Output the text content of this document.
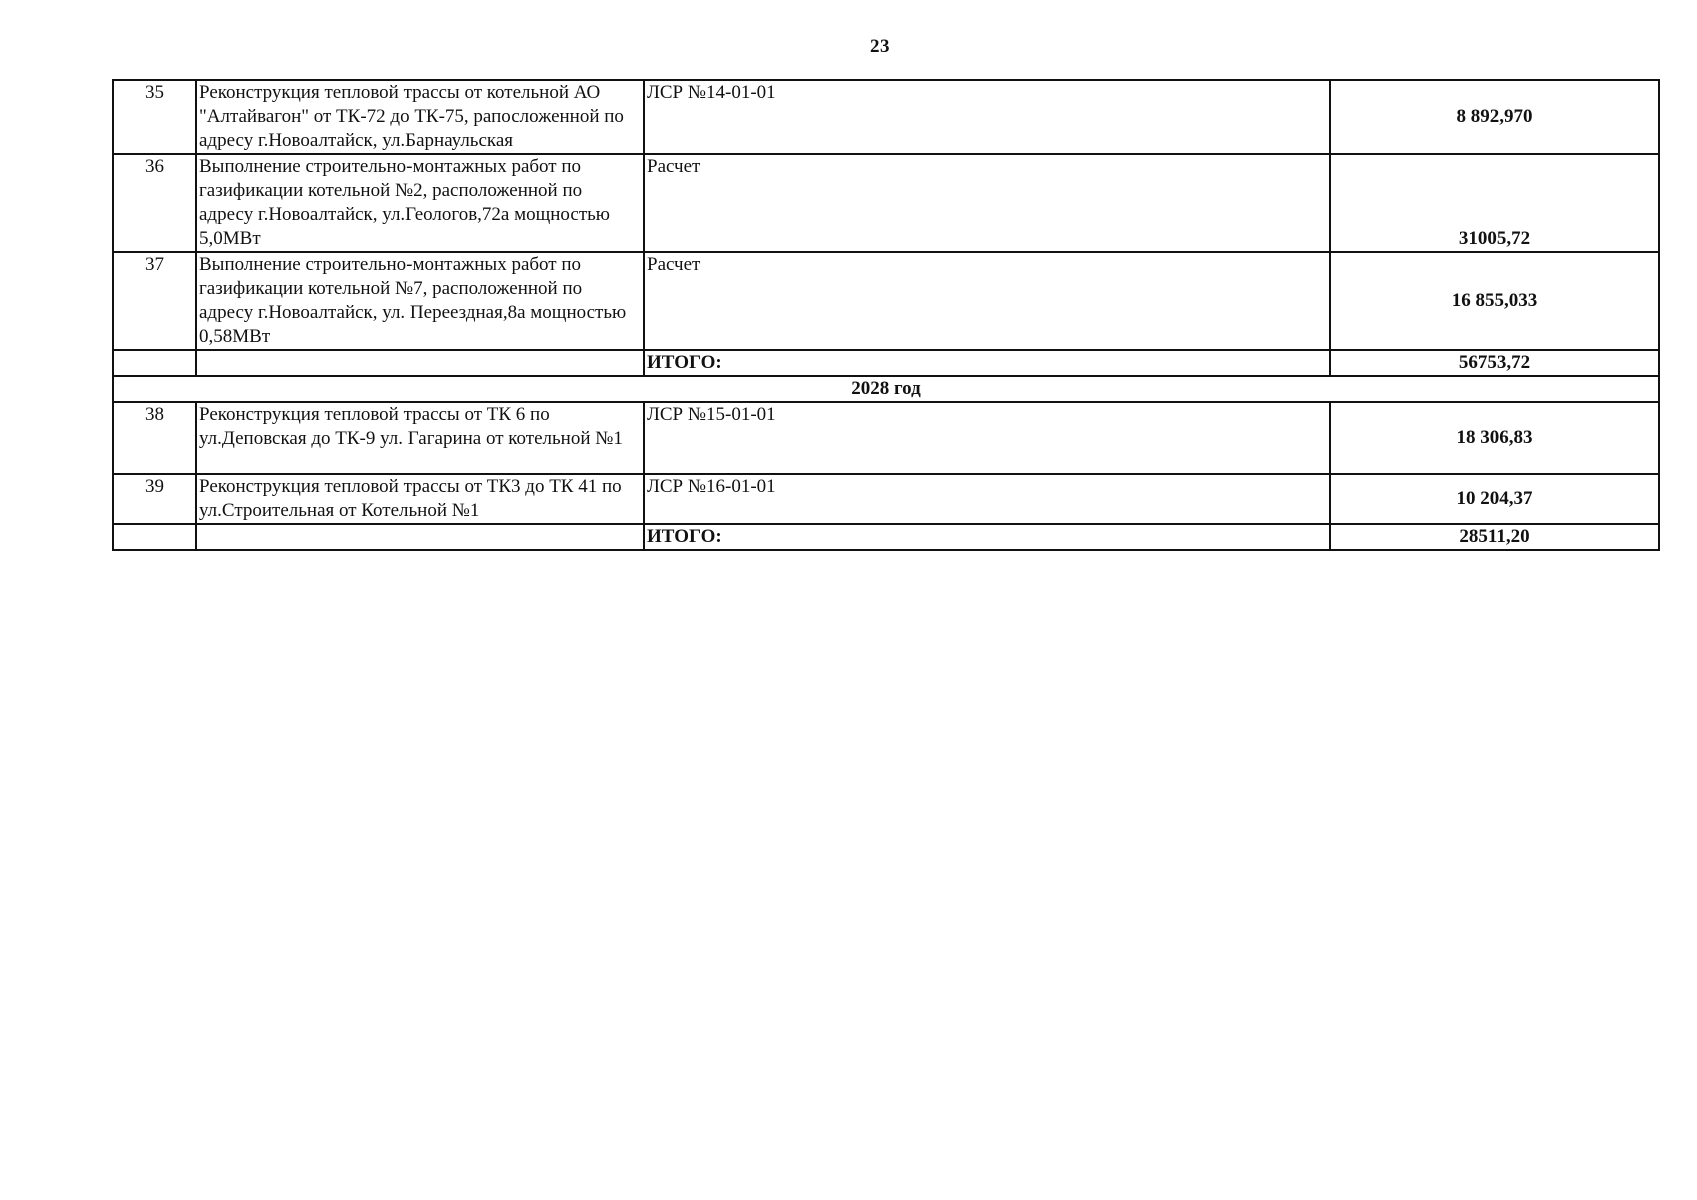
23
35	Реконструкция тепловой трассы от котельной АО "Алтайвагон" от ТК-72 до ТК-75, рапосложенной по адресу г.Новоалтайск, ул.Барнаульская	ЛСР №14-01-01	8 892,970
36	Выполнение строительно-монтажных работ по газификации котельной №2, расположенной по адресу г.Новоалтайск, ул.Геологов,72а мощностью 5,0МВт	Расчет	31005,72
37	Выполнение строительно-монтажных работ по газификации котельной №7, расположенной по адресу г.Новоалтайск, ул. Переездная,8а мощностью 0,58МВт	Расчет	16 855,033
		ИТОГО:	56753,72
2028 год			
38	Реконструкция тепловой трассы от ТК 6 по ул.Деповская до ТК-9 ул. Гагарина от котельной №1	ЛСР №15-01-01	18 306,83
39	Реконструкция тепловой трассы от ТК3 до ТК 41 по ул.Строительная от Котельной №1	ЛСР №16-01-01	10 204,37
		ИТОГО:	28511,20
